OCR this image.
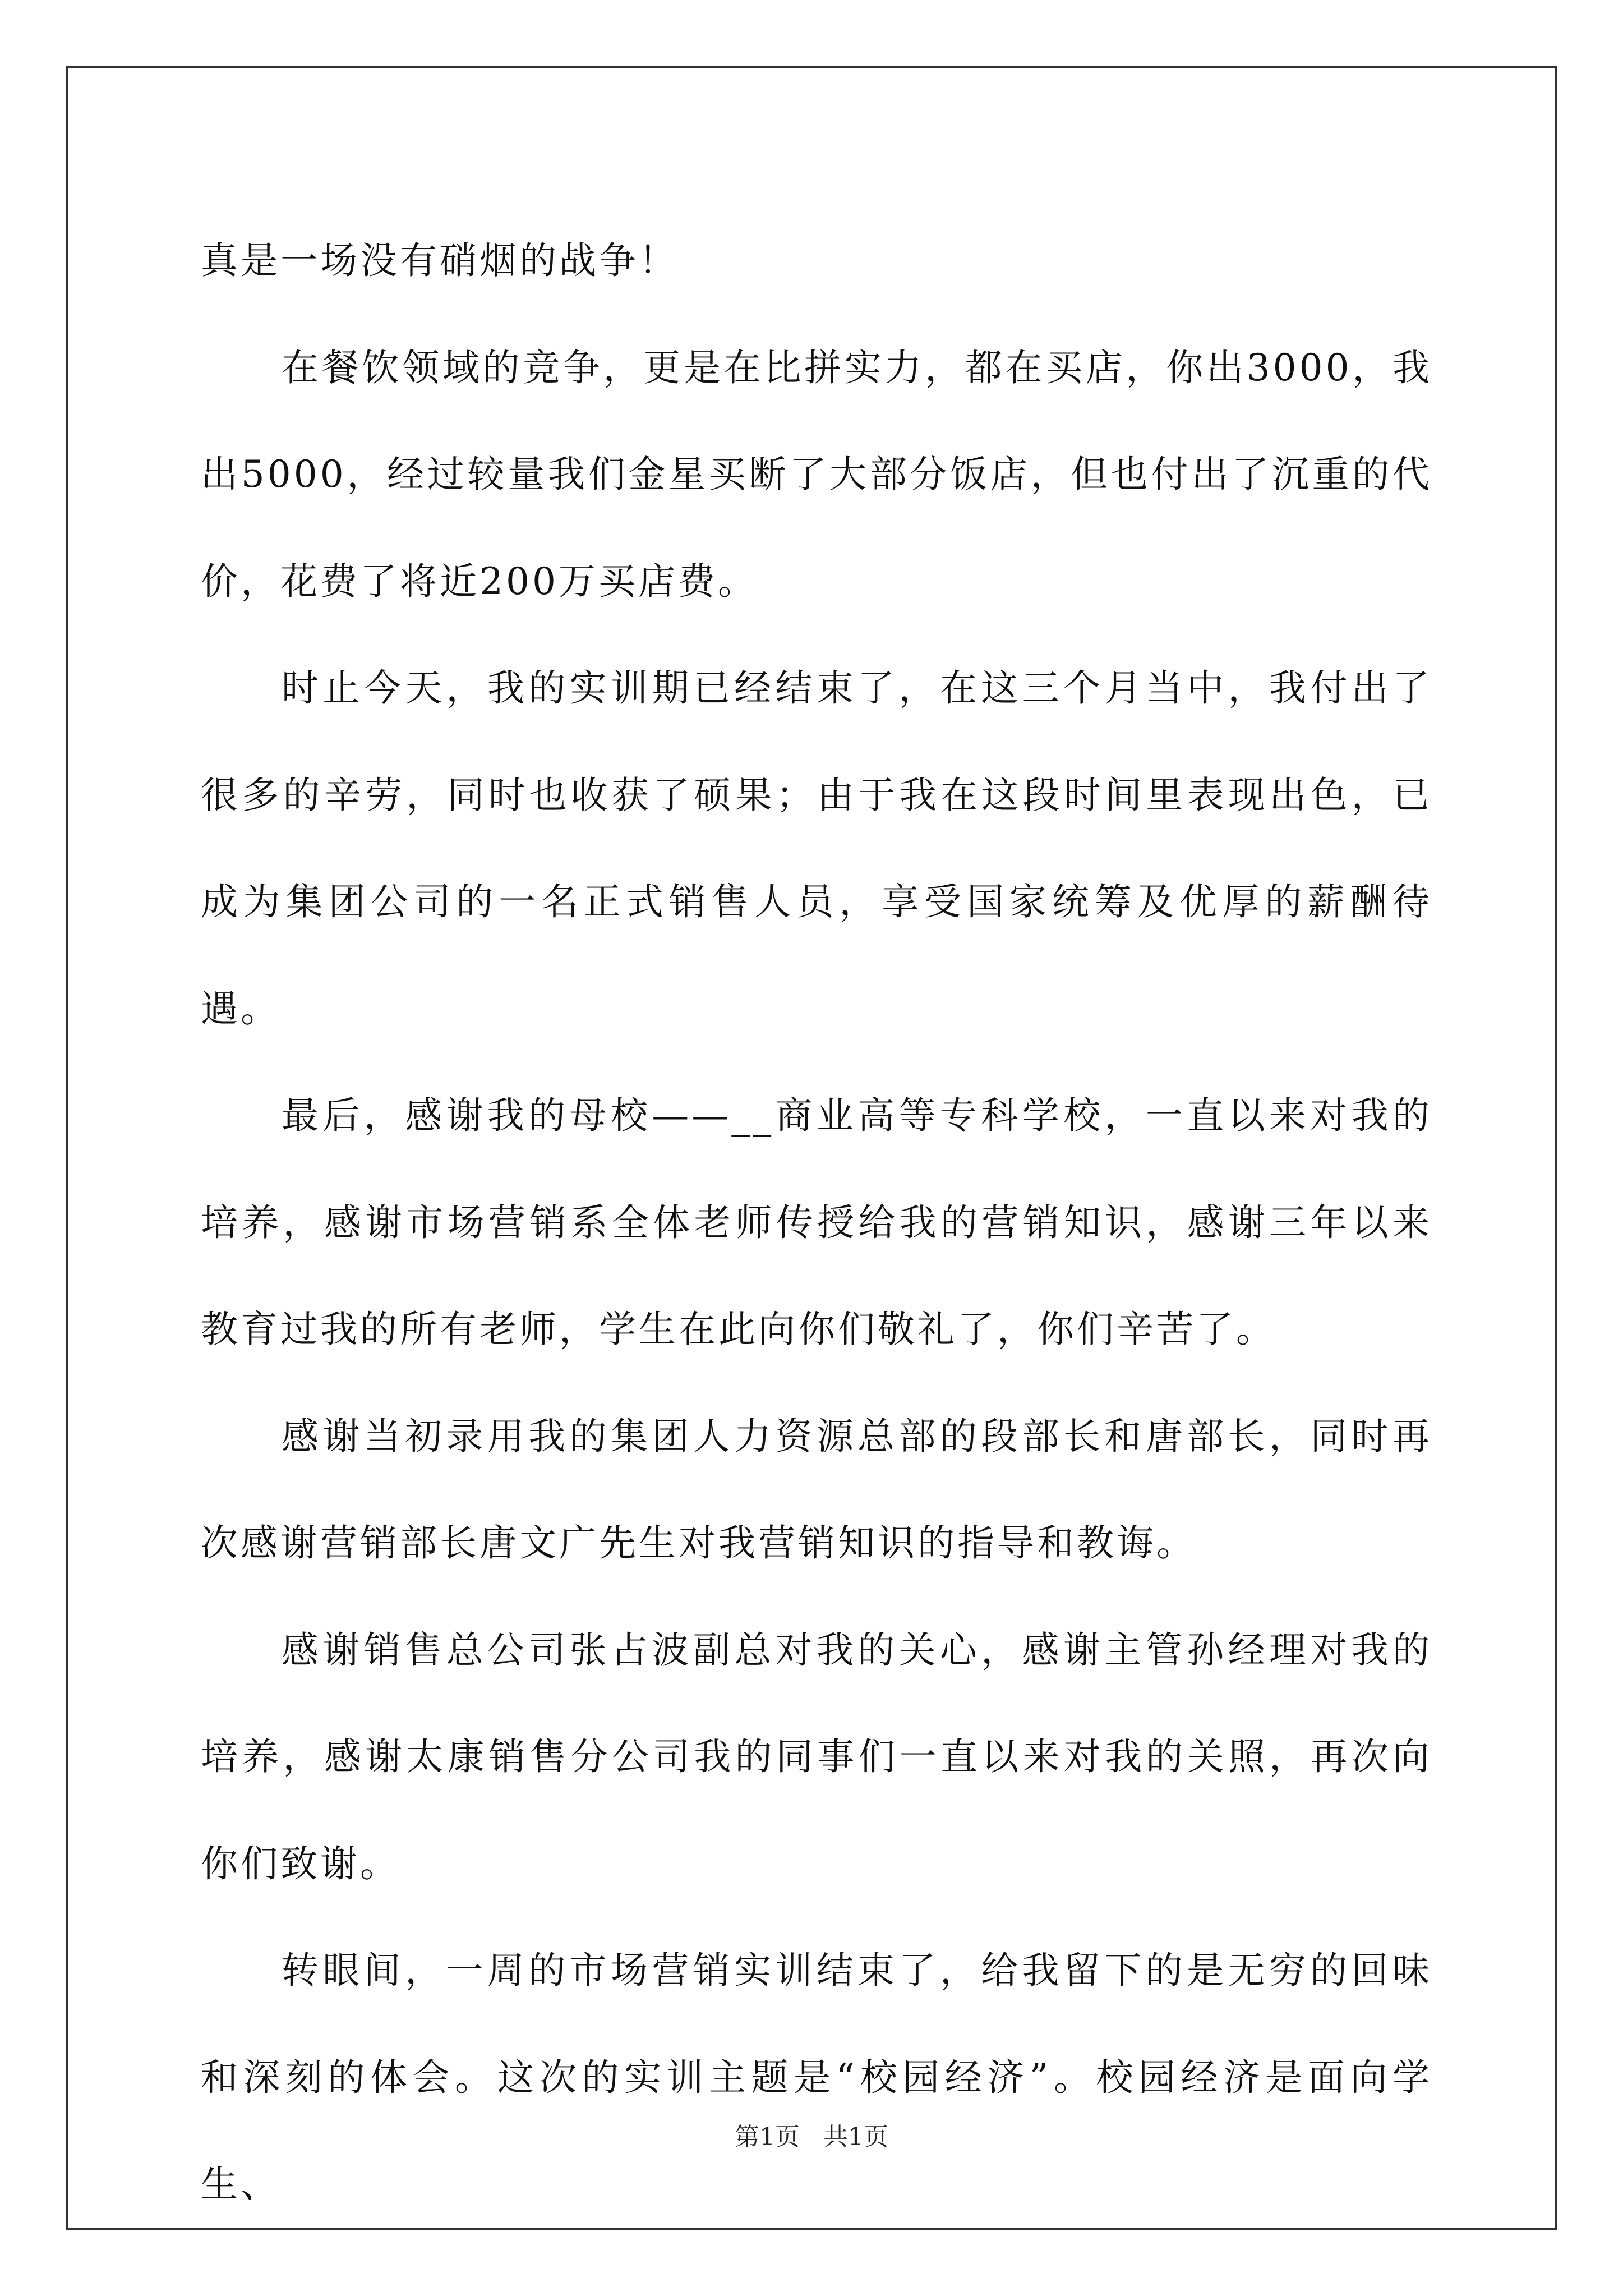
真是一场没有硝烟的战争！

在餐饮领域的竞争，更是在比拼实力，都在买店，你出3000，我出5000，经过较量我们金星买断了大部分饭店，但也付出了沉重的代价，花费了将近200万买店费。

时止今天，我的实训期已经结束了，在这三个月当中，我付出了很多的辛劳，同时也收获了硕果；由于我在这段时间里表现出色，已成为集团公司的一名正式销售人员，享受国家统筹及优厚的薪酬待遇。

最后，感谢我的母校——__商业高等专科学校，一直以来对我的培养，感谢市场营销系全体老师传授给我的营销知识，感谢三年以来教育过我的所有老师，学生在此向你们敬礼了，你们辛苦了。

感谢当初录用我的集团人力资源总部的段部长和唐部长，同时再次感谢营销部长唐文广先生对我营销知识的指导和教诲。

感谢销售总公司张占波副总对我的关心，感谢主管孙经理对我的培养，感谢太康销售分公司我的同事们一直以来对我的关照，再次向你们致谢。

转眼间，一周的市场营销实训结束了，给我留下的是无穷的回味和深刻的体会。这次的实训主题是“校园经济”。校园经济是面向学生、

第1页   共1页
